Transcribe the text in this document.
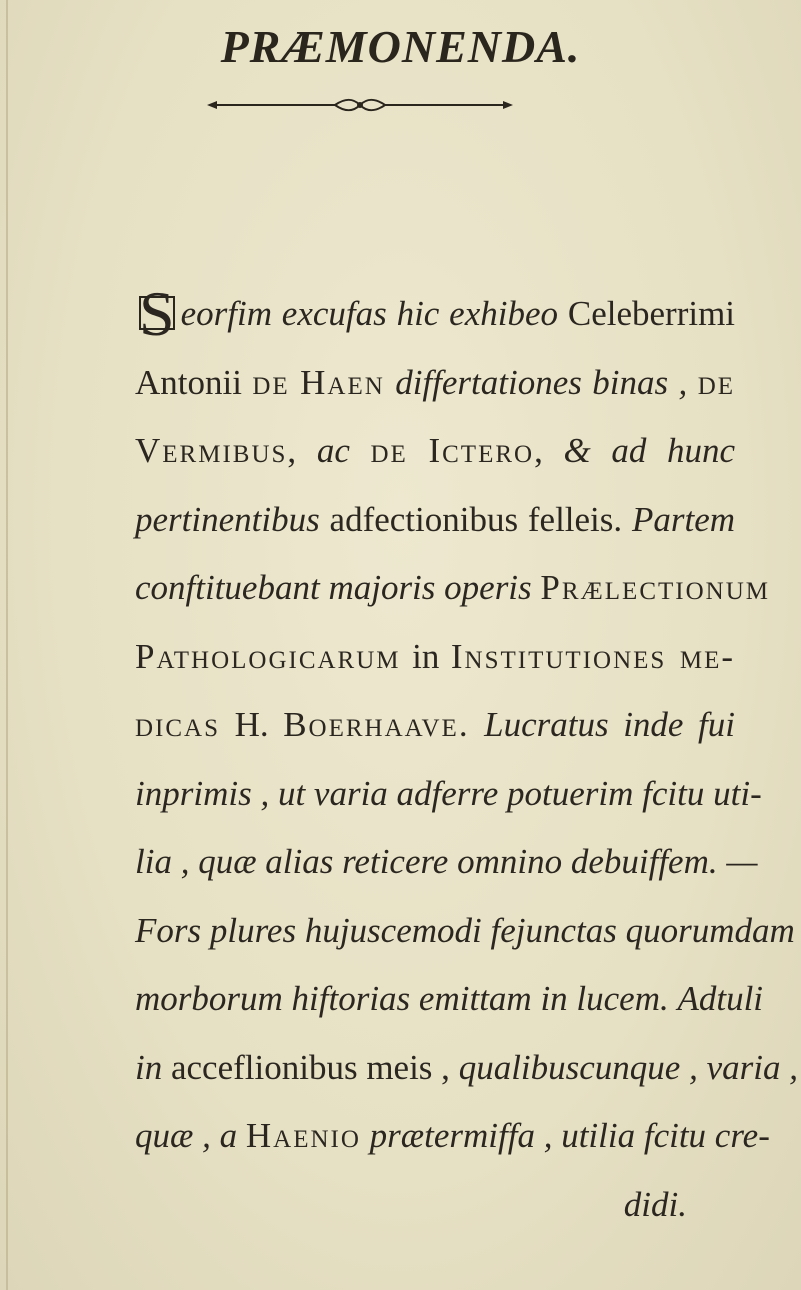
PRÆMONENDA.
Seorfim excufas hic exhibeo Celeberrimi
Antonii de Haen differtationes binas , de
Vermibus, ac de Ictero, & ad hunc
pertinentibus adfectionibus felleis. Partem
conftituebant majoris operis Prælectionum
Pathologicarum in Institutiones me-
dicas H. Boerhaave. Lucratus inde fui
inprimis , ut varia adferre potuerim fcitu uti-
lia , quæ alias reticere omnino debuiffem. —
Fors plures hujuscemodi fejunctas quorumdam
morborum hiftorias emittam in lucem. Adtuli
in acceflionibus meis , qualibuscunque , varia ,
quæ , a Haenio prætermiffa , utilia fcitu cre-
didi.
